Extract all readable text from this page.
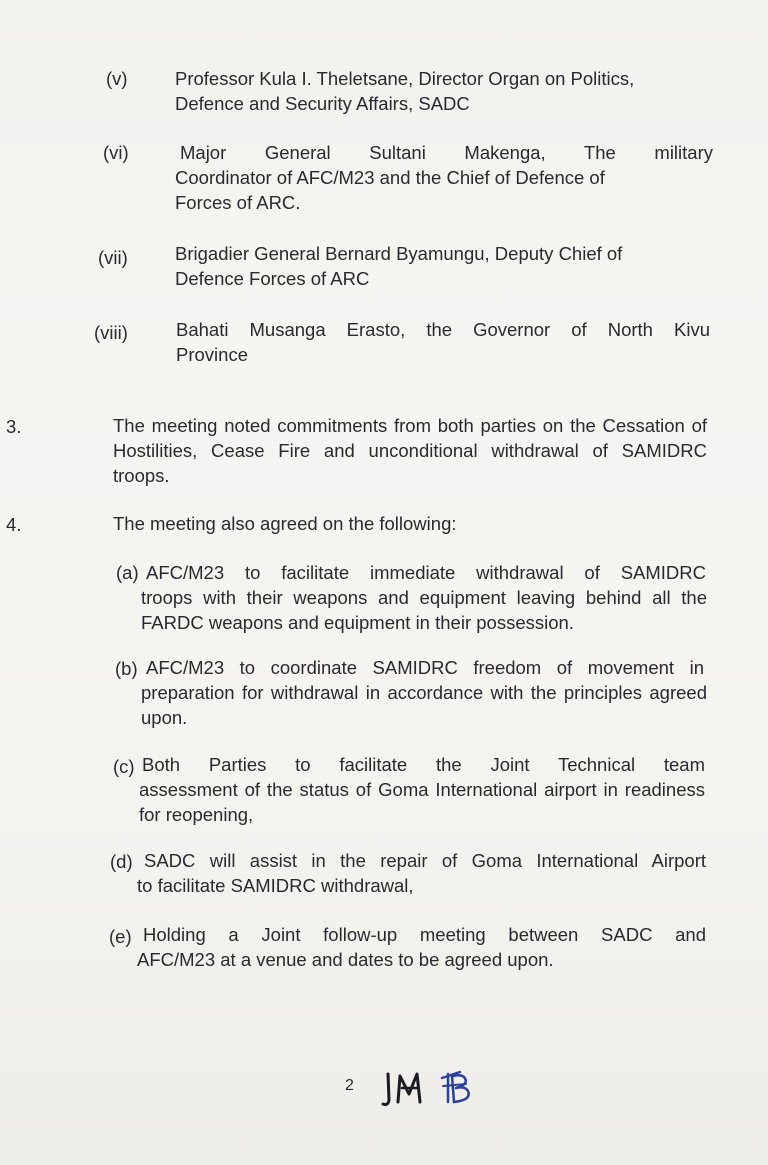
(v)	Professor Kula I. Theletsane, Director Organ on Politics,
Defence and Security Affairs, SADC
(vi)	Major General Sultani Makenga, The military
Coordinator of AFC/M23 and the Chief of Defence of
Forces of ARC.
(vii)	Brigadier General Bernard Byamungu, Deputy Chief of
Defence Forces of ARC
(viii)	Bahati Musanga Erasto, the Governor of North Kivu
Province
3.	The meeting noted commitments from both parties on the Cessation of Hostilities, Cease Fire and unconditional withdrawal of SAMIDRC troops.
4.	The meeting also agreed on the following:
(a) AFC/M23 to facilitate immediate withdrawal of SAMIDRC
troops with their weapons and equipment leaving behind all the FARDC weapons and equipment in their possession.
(b) AFC/M23 to coordinate SAMIDRC freedom of movement in
preparation for withdrawal in accordance with the principles agreed upon.
(c) Both Parties to facilitate the Joint Technical team
assessment of the status of Goma International airport in readiness for reopening,
(d) SADC will assist in the repair of Goma International Airport
to facilitate SAMIDRC withdrawal,
(e) Holding a Joint follow-up meeting between SADC and
AFC/M23 at a venue and dates to be agreed upon.
2
